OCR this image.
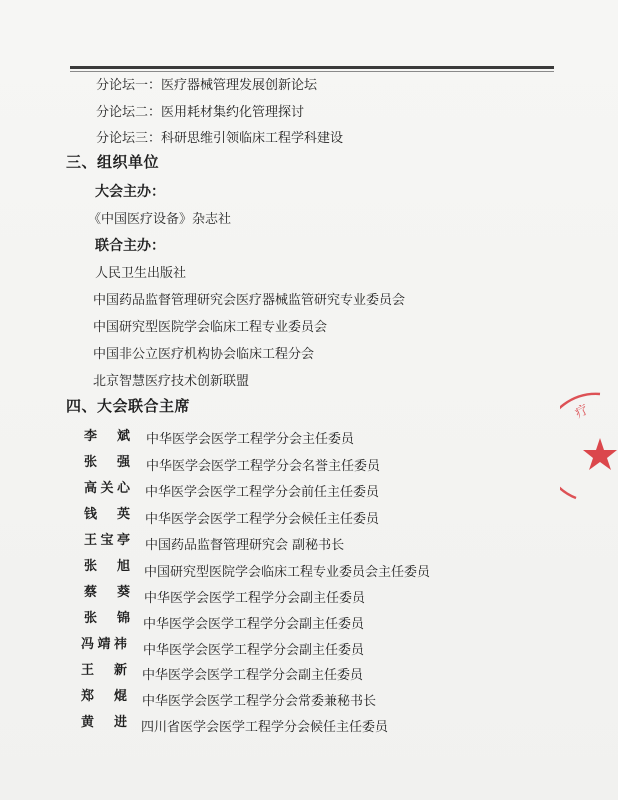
分论坛一：医疗器械管理发展创新论坛
分论坛二：医用耗材集约化管理探讨
分论坛三：科研思维引领临床工程学科建设
三、组织单位
大会主办：
《中国医疗设备》杂志社
联合主办：
人民卫生出版社
中国药品监督管理研究会医疗器械监管研究专业委员会
中国研究型医院学会临床工程专业委员会
中国非公立医疗机构协会临床工程分会
北京智慧医疗技术创新联盟
四、大会联合主席
李斌 中华医学会医学工程学分会主任委员
张强 中华医学会医学工程学分会名誉主任委员
高关心 中华医学会医学工程学分会前任主任委员
钱英 中华医学会医学工程学分会候任主任委员
王宝亭 中国药品监督管理研究会 副秘书长
张旭 中国研究型医院学会临床工程专业委员会主任委员
蔡葵 中华医学会医学工程学分会副主任委员
张锦 中华医学会医学工程学分会副主任委员
冯靖祎 中华医学会医学工程学分会副主任委员
王新 中华医学会医学工程学分会副主任委员
郑焜 中华医学会医学工程学分会常委兼秘书长
黄进 四川省医学会医学工程学分会候任主任委员
疗
